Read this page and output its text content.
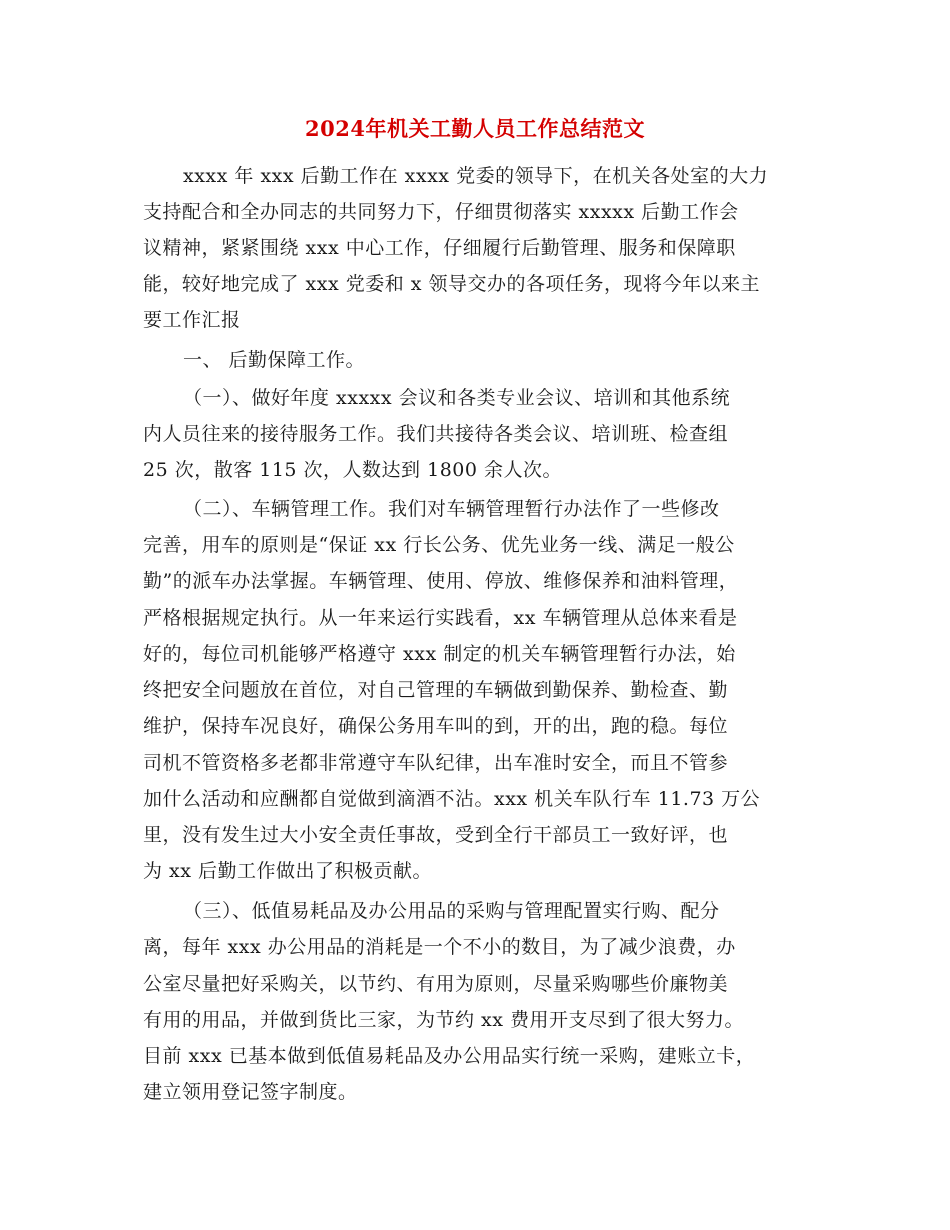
2024年机关工勤人员工作总结范文
xxxx 年 xxx 后勤工作在 xxxx 党委的领导下，在机关各处室的大力
支持配合和全办同志的共同努力下，仔细贯彻落实 xxxxx 后勤工作会
议精神，紧紧围绕 xxx 中心工作，仔细履行后勤管理、服务和保障职
能，较好地完成了 xxx 党委和 x 领导交办的各项任务，现将今年以来主
要工作汇报
一、 后勤保障工作。
（一）、做好年度 xxxxx 会议和各类专业会议、培训和其他系统
内人员往来的接待服务工作。我们共接待各类会议、培训班、检查组
25 次，散客 115 次，人数达到 1800 余人次。
（二）、车辆管理工作。我们对车辆管理暂行办法作了一些修改
完善，用车的原则是“保证 xx 行长公务、优先业务一线、满足一般公
勤”的派车办法掌握。车辆管理、使用、停放、维修保养和油料管理，
严格根据规定执行。从一年来运行实践看，xx 车辆管理从总体来看是
好的，每位司机能够严格遵守 xxx 制定的机关车辆管理暂行办法，始
终把安全问题放在首位，对自己管理的车辆做到勤保养、勤检查、勤
维护，保持车况良好，确保公务用车叫的到，开的出，跑的稳。每位
司机不管资格多老都非常遵守车队纪律，出车准时安全，而且不管参
加什么活动和应酬都自觉做到滴酒不沾。xxx 机关车队行车 11.73 万公
里，没有发生过大小安全责任事故，受到全行干部员工一致好评，也
为 xx 后勤工作做出了积极贡献。
（三）、低值易耗品及办公用品的采购与管理配置实行购、配分
离，每年 xxx 办公用品的消耗是一个不小的数目，为了减少浪费，办
公室尽量把好采购关，以节约、有用为原则，尽量采购哪些价廉物美
有用的用品，并做到货比三家，为节约 xx 费用开支尽到了很大努力。
目前 xxx 已基本做到低值易耗品及办公用品实行统一采购，建账立卡，
建立领用登记签字制度。
